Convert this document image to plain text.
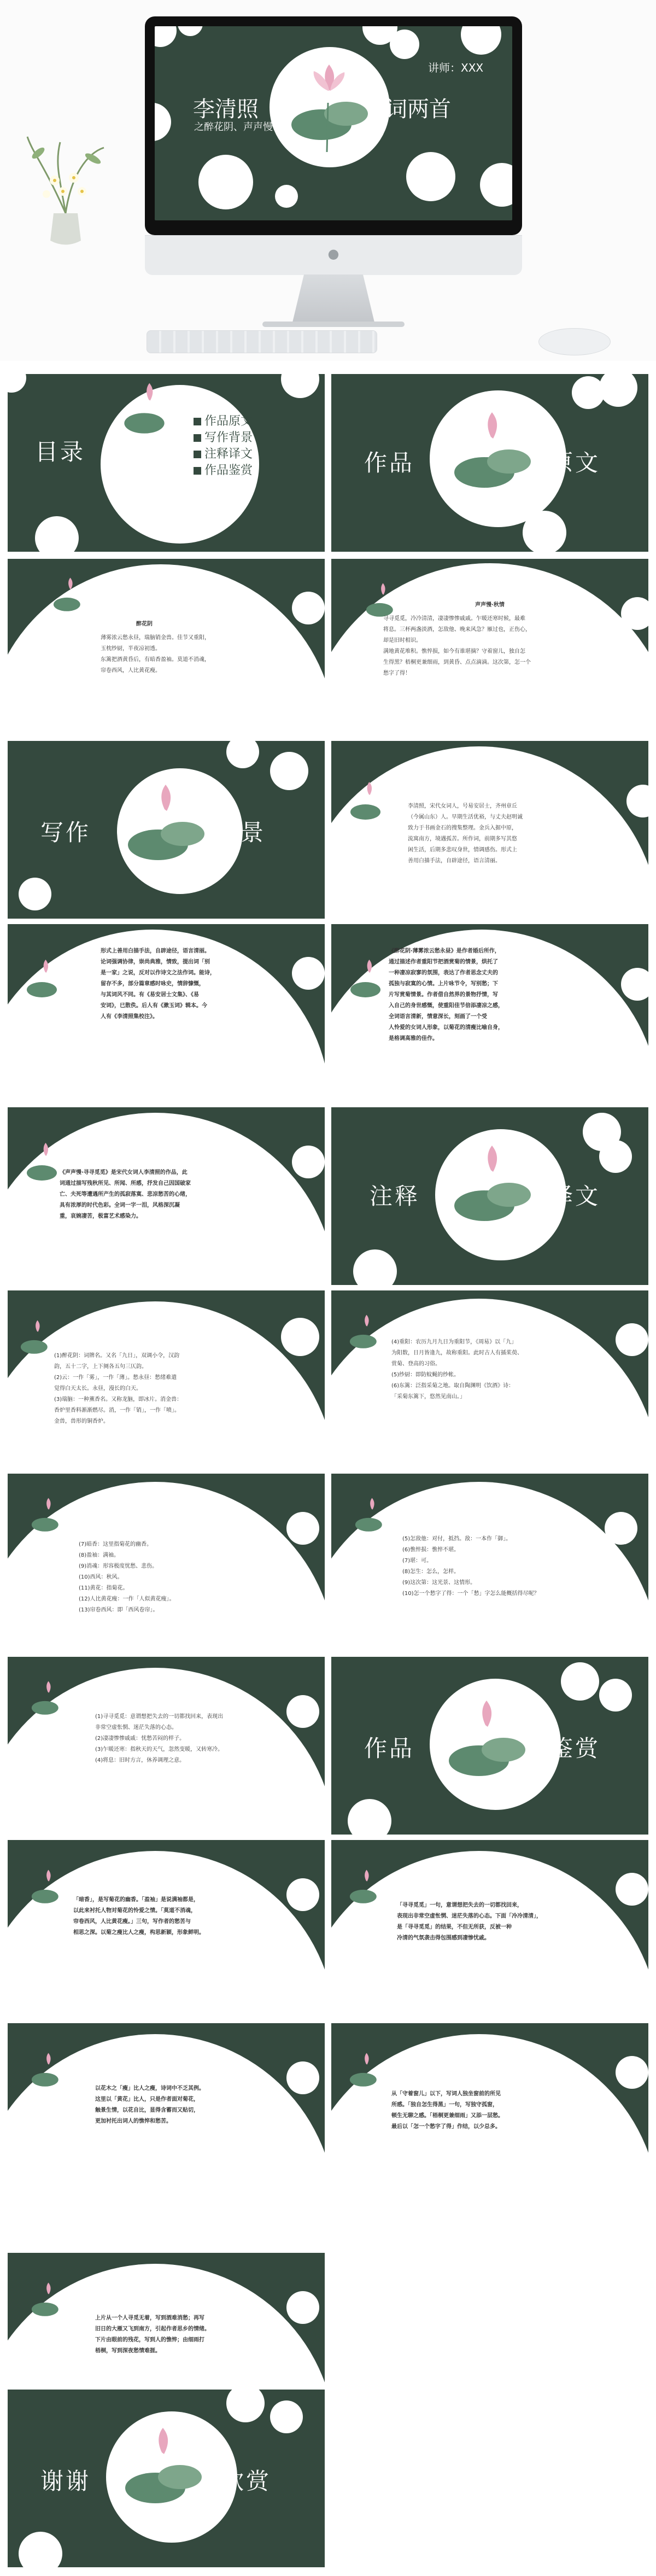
李清照
之醉花阴、声声慢
词两首
讲师：XXX
●
目录
作品原文
写作背景
注释译文
作品鉴赏	作品	原文
醉花阴
薄雾浓云愁永昼，瑞脑销金兽。佳节又重阳，
玉枕纱厨，半夜凉初透。
东篱把酒黄昏后，有暗香盈袖。莫道不消魂，
帘卷西风，人比黄花瘦。
声声慢·秋情
寻寻觅觅，冷冷清清，凄凄惨惨戚戚。乍暖还寒时候，最难
将息。三杯两盏淡酒，怎敌他、晚来风急？雁过也，正伤心，
却是旧时相识。
满地黄花堆积。憔悴损，如今有谁堪摘？守着窗儿，独自怎
生得黑？梧桐更兼细雨，到黄昏、点点滴滴。这次第，怎一个
愁字了得！
写作	背景
李清照，宋代女词人，号易安居士，齐州章丘
（今属山东）人。早期生活优裕，与丈夫赵明诚
致力于书画金石的搜集整理。金兵入据中原，
流寓南方，境遇孤苦。所作词，前期多写其悠
闲生活，后期多悲叹身世，情调感伤。形式上
善用白描手法，自辟途径，语言清丽。
形式上善用白描手法，自辟途径，语言清丽。
论词强调协律，崇尚典雅，情致，提出词「别
是一家」之说，反对以作诗文之法作词。能诗，
留存不多，部分篇章感时咏史，情辞慷慨，
与其词风不同。有《易安居士文集》、《易
安词》，已散佚。后人有《漱玉词》辑本。今
人有《李清照集校注》。
《醉花阴·薄雾浓云愁永昼》是作者婚后所作，
通过描述作者重阳节把酒赏菊的情景，烘托了
一种凄凉寂寥的氛围，表达了作者思念丈夫的
孤独与寂寞的心情。上片咏节令，写别愁；下
片写赏菊情景。作者借自然界的景物抒情，写
入自己的身世感慨，使重阳佳节倍添凄凉之感，
全词语言清新，情意深长，刻画了一个受
人怜爱的女词人形象，以菊花的清瘦比喻自身，
是格调高雅的佳作。
《声声慢·寻寻觅觅》是宋代女词人李清照的作品，此
词通过描写残秋所见、所闻、所感，抒发自己因国破家
亡、夫死等遭遇所产生的孤寂落寞、悲凉愁苦的心绪，
具有浓厚的时代色彩。全词一字一泪，风格深沉凝
重，哀婉凄苦，极富艺术感染力。
注释	译文
(1)醉花阴：词牌名。又名「九日」，双调小令，汉韵
韵，五十二字，上下阕各五句三仄韵。
(2)云：一作「雾」，一作「薄」。愁永昼：愁绪难遣
觉得白天太长。永昼，漫长的白天。
(3)瑞脑：一种薰香名。又称龙脑，即冰片。消金兽：
香炉里香料渐渐燃尽。消，一作「销」，一作「喷」。
金兽，兽形的铜香炉。
(4)重阳：农历九月九日为重阳节，《周易》以「九」
为阳数，日月皆逢九，故称重阳。此时古人有插茱萸、
赏菊、登高的习俗。
(5)纱厨：即防蚊蝇的纱帐。
(6)东篱：泛指采菊之地。取自陶渊明《饮酒》诗：
「采菊东篱下，悠然见南山。」
(7)暗香：这里指菊花的幽香。
(8)盈袖：满袖。
(9)消魂：形容极度忧愁、悲伤。
(10)西风：秋风。
(11)黄花：指菊花。
(12)人比黄花瘦：一作「人似黄花瘦」。
(13)帘卷西风：即「西风卷帘」。
(5)怎敌他：对付，抵挡。敌：一本作「御」。
(6)憔悴损：憔悴不堪。
(7)堪：可。
(8)怎生：怎么，怎样。
(9)这次第：这光景、这情形。
(10)怎一个愁字了得：一个「愁」字怎么能概括得尽呢？
(1)寻寻觅觅：意谓想把失去的一切都找回来，表现出
非常空虚怅惘、迷茫失落的心态。
(2)凄凄惨惨戚戚：忧愁苦闷的样子。
(3)乍暖还寒：指秋天的天气，忽然变暖，又转寒冷。
(4)将息：旧时方言，休养调理之意。	作品	鉴赏
「暗香」，是写菊花的幽香。「盈袖」是说满袖都是，
以此来衬托人物对菊花的怜爱之情。「莫道不消魂，
帘卷西风，人比黄花瘦。」三句，写作者的愁苦与
相思之深。以菊之瘦比人之瘦，构思新颖，形象鲜明。
「寻寻觅觅」一句，意谓想把失去的一切都找回来，
表现出非常空虚怅惘、迷茫失落的心态。下面「冷冷清清」，
是「寻寻觅觅」的结果，不但无所获，反被一种
冷清的气氛袭击得包围感到凄惨忧戚。
以花木之「瘦」比人之瘦，诗词中不乏其例。
这里以「黄花」比人，只是作者面对菊花，
触景生情，以花自比，显得含蓄而又贴切，
更加衬托出词人的憔悴和愁苦。
从「守着窗儿」以下，写词人独坐窗前的所见
所感。「独自怎生得黑」一句，写独守孤窗，
顿生无聊之感。「梧桐更兼细雨」又添一层愁。
最后以「怎一个愁字了得」作结，以少总多。
上片从一个人寻觅无着，写到酒难消愁；再写
旧日的大雁又飞到南方，引起作者思乡的情绪。
下片由眼前的残花，写到人的憔悴；由细雨打
梧桐，写到深夜愁情难捱。
谢谢	欣赏
